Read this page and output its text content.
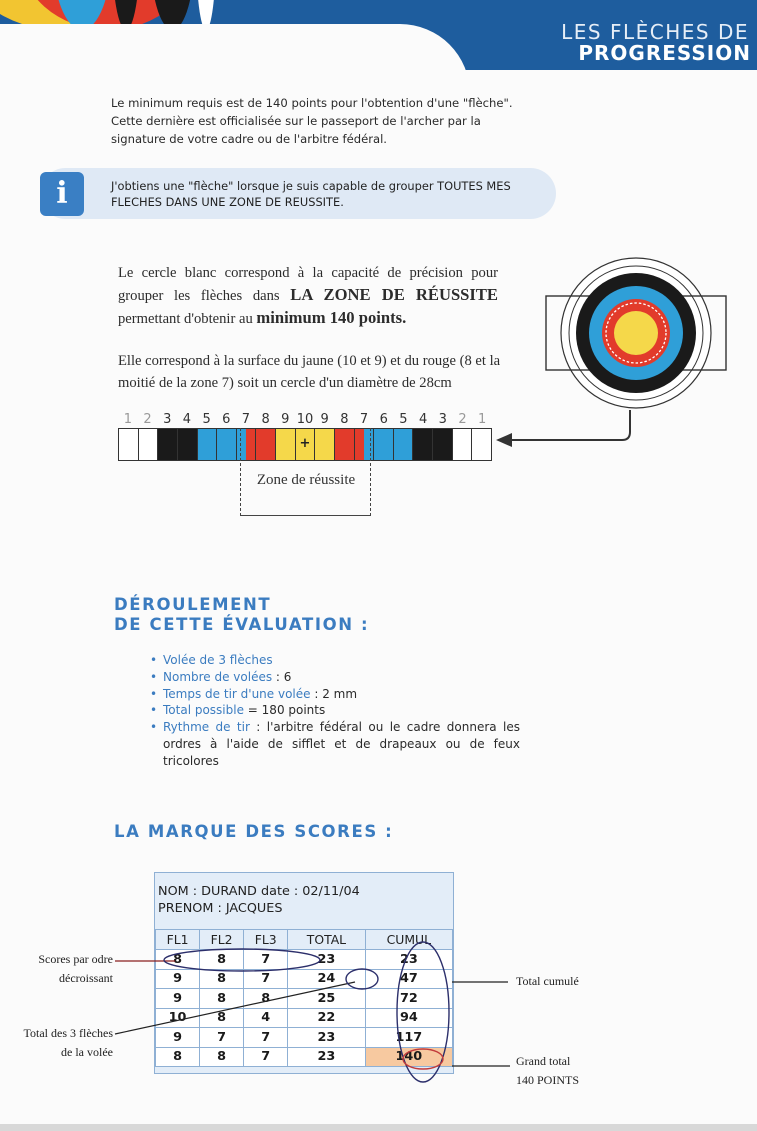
LES FLÈCHES DE
PROGRESSION

Le minimum requis est de 140 points pour l'obtention d'une "flèche". Cette dernière est officialisée sur le passeport de l'archer par la signature de votre cadre ou de l'arbitre fédéral.

i	J'obtiens une "flèche" lorsque je suis capable de grouper TOUTES MES FLECHES DANS UNE ZONE DE REUSSITE.

Le cercle blanc correspond à la capacité de précision pour grouper les flèches dans LA ZONE DE RÉUSSITE permettant d'obtenir au minimum 140 points.

Elle correspond à la surface du jaune (10 et 9) et du rouge (8 et la moitié de la zone 7) soit un cercle d'un diamètre de 28cm

1 2 3 4 5 6 7 8 9 10 9 8 7 6 5 4 3 2 1
+
Zone de réussite
DÉROULEMENT
DE CETTE ÉVALUATION :
• Volée de 3 flèches
• Nombre de volées : 6
• Temps de tir d'une volée : 2 mm
• Total possible = 180 points
• Rythme de tir : l'arbitre fédéral ou le cadre donnera les ordres à l'aide de sifflet et de drapeaux ou de feux tricolores
LA MARQUE DES SCORES :
NOM : DURAND date : 02/11/04
PRENOM : JACQUES
FL1	FL2	FL3	TOTAL	CUMUL
8	8	7	23	23
9	8	7	24	47
9	8	8	25	72
10	8	4	22	94
9	7	7	23	117
8	8	7	23	140
Scores par odre décroissant
Total des 3 flèches de la volée
Total cumulé
Grand total
140 POINTS
